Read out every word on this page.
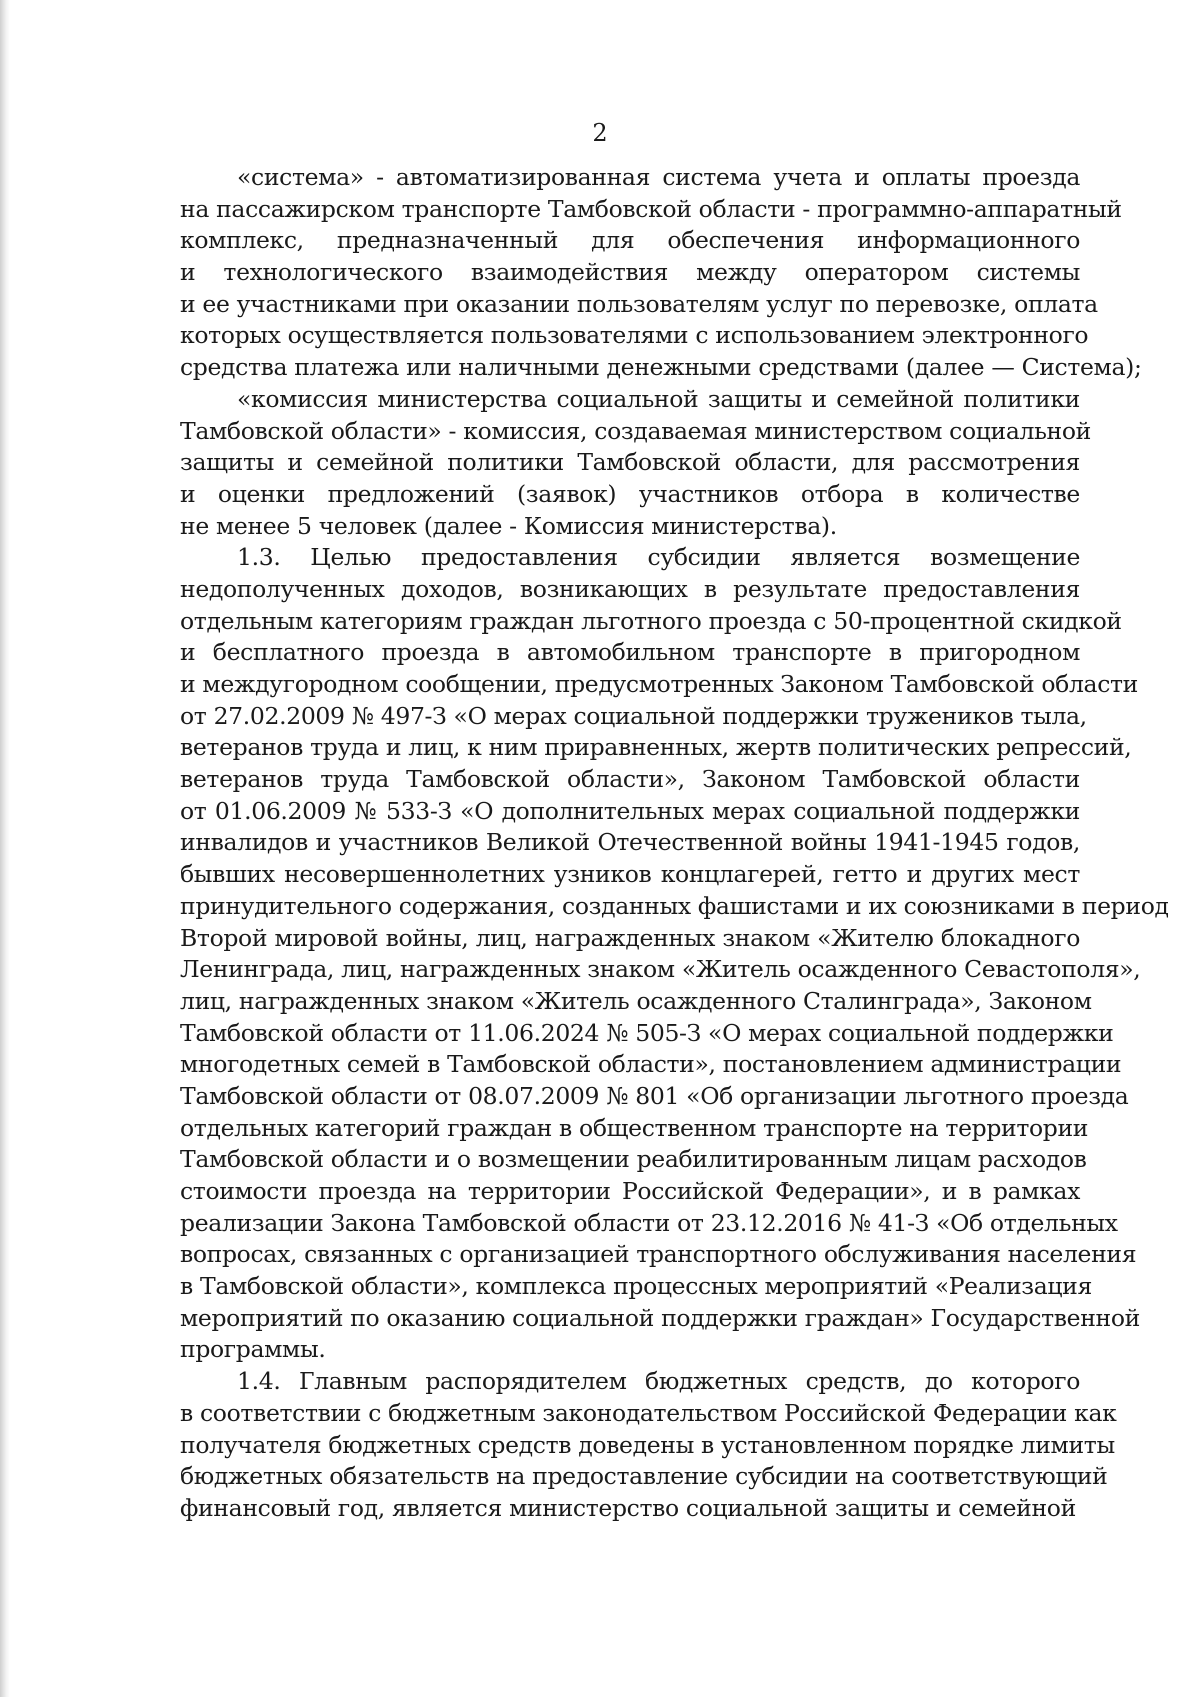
2
«система» - автоматизированная система учета и оплаты проезда
на пассажирском транспорте Тамбовской области - программно-аппаратный
комплекс, предназначенный для обеспечения информационного
и технологического взаимодействия между оператором системы
и ее участниками при оказании пользователям услуг по перевозке, оплата
которых осуществляется пользователями с использованием электронного
средства платежа или наличными денежными средствами (далее — Система);
«комиссия министерства социальной защиты и семейной политики
Тамбовской области» - комиссия, создаваемая министерством социальной
защиты и семейной политики Тамбовской области, для рассмотрения
и оценки предложений (заявок) участников отбора в количестве
не менее 5 человек (далее - Комиссия министерства).
1.3. Целью предоставления субсидии является возмещение
недополученных доходов, возникающих в результате предоставления
отдельным категориям граждан льготного проезда с 50-процентной скидкой
и бесплатного проезда в автомобильном транспорте в пригородном
и междугородном сообщении, предусмотренных Законом Тамбовской области
от 27.02.2009 № 497-З «О мерах социальной поддержки тружеников тыла,
ветеранов труда и лиц, к ним приравненных, жертв политических репрессий,
ветеранов труда Тамбовской области», Законом Тамбовской области
от 01.06.2009 № 533-З «О дополнительных мерах социальной поддержки
инвалидов и участников Великой Отечественной войны 1941-1945 годов,
бывших несовершеннолетних узников концлагерей, гетто и других мест
принудительного содержания, созданных фашистами и их союзниками в период
Второй мировой войны, лиц, награжденных знаком «Жителю блокадного
Ленинграда, лиц, награжденных знаком «Житель осажденного Севастополя»,
лиц, награжденных знаком «Житель осажденного Сталинграда», Законом
Тамбовской области от 11.06.2024 № 505-З «О мерах социальной поддержки
многодетных семей в Тамбовской области», постановлением администрации
Тамбовской области от 08.07.2009 № 801 «Об организации льготного проезда
отдельных категорий граждан в общественном транспорте на территории
Тамбовской области и о возмещении реабилитированным лицам расходов
стоимости проезда на территории Российской Федерации», и в рамках
реализации Закона Тамбовской области от 23.12.2016 № 41-З «Об отдельных
вопросах, связанных с организацией транспортного обслуживания населения
в Тамбовской области», комплекса процессных мероприятий «Реализация
мероприятий по оказанию социальной поддержки граждан» Государственной
программы.
1.4. Главным распорядителем бюджетных средств, до которого
в соответствии с бюджетным законодательством Российской Федерации как
получателя бюджетных средств доведены в установленном порядке лимиты
бюджетных обязательств на предоставление субсидии на соответствующий
финансовый год, является министерство социальной защиты и семейной
